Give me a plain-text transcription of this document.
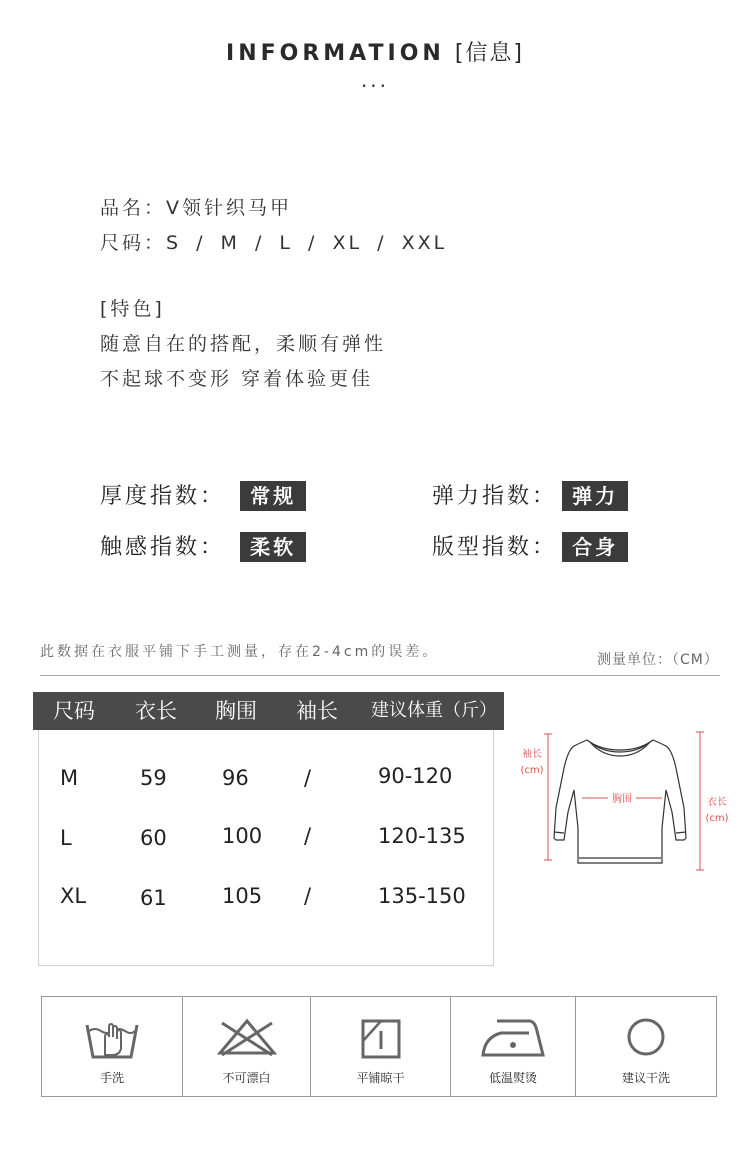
INFORMATION [信息]
...
品名：V领针织马甲
尺码：S / M / L / XL / XXL
[特色]
随意自在的搭配，柔顺有弹性
不起球不变形 穿着体验更佳
厚度指数： 常规	弹力指数： 弹力
触感指数： 柔软	版型指数： 合身
此数据在衣服平铺下手工测量，存在2-4cm的误差。	测量单位：（CM）
尺码 衣长 胸围 袖长 建议体重（斤）
M	59	96	/	90-120
L	60	100 /	120-135
XL	61	105 /	135-150
胸围
袖长
(cm)
衣长
(cm)
手洗	不可漂白	平铺晾干	低温熨烫	建议干洗
